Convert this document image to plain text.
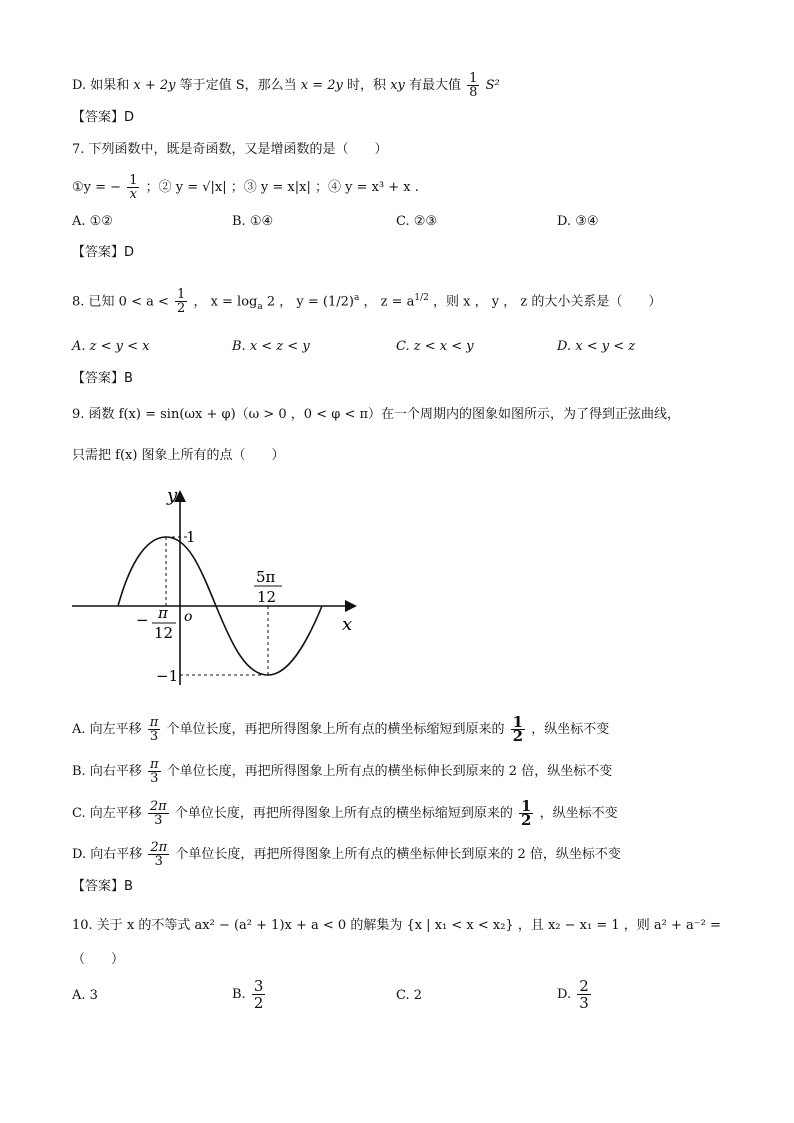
D. 如果和 x + 2y 等于定值 S，那么当 x = 2y 时，积 xy 有最大值 $\frac{1}{8} S^2$
【答案】D
7. 下列函数中，既是奇函数，又是增函数的是（　　）
①y = − $\frac{1}{x}$ ；② y = √|x| ；③ y = x|x| ；④ y = x³ + x .
A. ①②	B. ①④	C. ②③	D. ③④
【答案】D
8. 已知 $0 < a < \frac{1}{2}$ ， $x = \log_a 2$ ， $y = (1/2)^a$ ， $z = a^{1/2}$ ，则 x ， y ， z 的大小关系是（　　）
A. z < y < x	B. x < z < y	C. z < x < y	D. x < y < z
【答案】B
9. 函数 f(x) = sin(ωx + φ)（ω > 0 ，0 < φ < π）在一个周期内的图象如图所示，为了得到正弦曲线，
只需把 f(x) 图象上所有的点（　　）
y
x
o
1
−1
− π
12
5π
12
A. 向左平移 $\frac{\pi}{3}$ 个单位长度，再把所得图象上所有点的横坐标缩短到原来的 $\frac{1}{2}$ ，纵坐标不变
B. 向右平移 $\frac{\pi}{3}$ 个单位长度，再把所得图象上所有点的横坐标伸长到原来的 2 倍，纵坐标不变
C. 向左平移 $\frac{2\pi}{3}$ 个单位长度，再把所得图象上所有点的横坐标缩短到原来的 $\frac{1}{2}$ ，纵坐标不变
D. 向右平移 $\frac{2\pi}{3}$ 个单位长度，再把所得图象上所有点的横坐标伸长到原来的 2 倍，纵坐标不变
【答案】B
10. 关于 x 的不等式 ax² − (a² + 1)x + a < 0 的解集为 {x | x₁ < x < x₂} ，且 x₂ − x₁ = 1 ，则 a² + a⁻² =
（　　）
A. 3	B. $\frac{3}{2}$	C. 2	D. $\frac{2}{3}$
